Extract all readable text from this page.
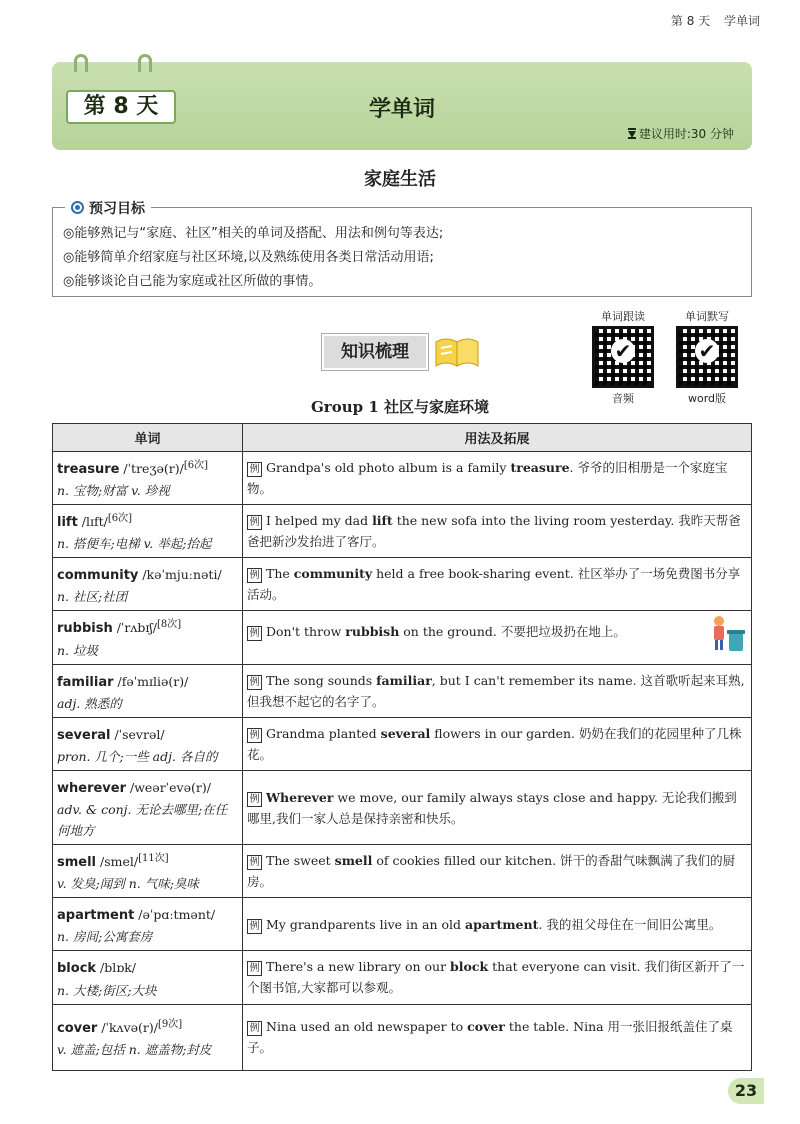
第 8 天 学单词
第 8 天	学单词
建议用时:30 分钟
家庭生活
预习目标
◎能够熟记与“家庭、社区”相关的单词及搭配、用法和例句等表达;
◎能够简单介绍家庭与社区环境,以及熟练使用各类日常活动用语;
◎能够谈论自己能为家庭或社区所做的事情。
知识梳理
单词跟读
✔
音频
单词默写
✔
word版
Group 1 社区与家庭环境
单词	用法及拓展
treasure /ˈtreʒə(r)/[6次]
n. 宝物;财富 v. 珍视	例 Grandpa's old photo album is a family treasure. 爷爷的旧相册是一个家庭宝物。
lift /lɪft/[6次]
n. 搭便车;电梯 v. 举起;抬起	例 I helped my dad lift the new sofa into the living room yesterday. 我昨天帮爸爸把新沙发抬进了客厅。
community /kəˈmjuːnəti/
n. 社区;社团	例 The community held a free book-sharing event. 社区举办了一场免费图书分享活动。
rubbish /ˈrʌbɪʃ/[8次]
n. 垃圾	例 Don't throw rubbish on the ground. 不要把垃圾扔在地上。
familiar /fəˈmɪliə(r)/
adj. 熟悉的	例 The song sounds familiar, but I can't remember its name. 这首歌听起来耳熟,但我想不起它的名字了。
several /ˈsevrəl/
pron. 几个;一些 adj. 各自的	例 Grandma planted several flowers in our garden. 奶奶在我们的花园里种了几株花。
wherever /weərˈevə(r)/
adv. & conj. 无论去哪里;在任何地方	例 Wherever we move, our family always stays close and happy. 无论我们搬到哪里,我们一家人总是保持亲密和快乐。
smell /smel/[11次]
v. 发臭;闻到 n. 气味;臭味	例 The sweet smell of cookies filled our kitchen. 饼干的香甜气味飘满了我们的厨房。
apartment /əˈpɑːtmənt/
n. 房间;公寓套房	例 My grandparents live in an old apartment. 我的祖父母住在一间旧公寓里。
block /blɒk/
n. 大楼;街区;大块	例 There's a new library on our block that everyone can visit. 我们街区新开了一个图书馆,大家都可以参观。
cover /ˈkʌvə(r)/[9次]
v. 遮盖;包括 n. 遮盖物;封皮	例 Nina used an old newspaper to cover the table. Nina 用一张旧报纸盖住了桌子。
23
